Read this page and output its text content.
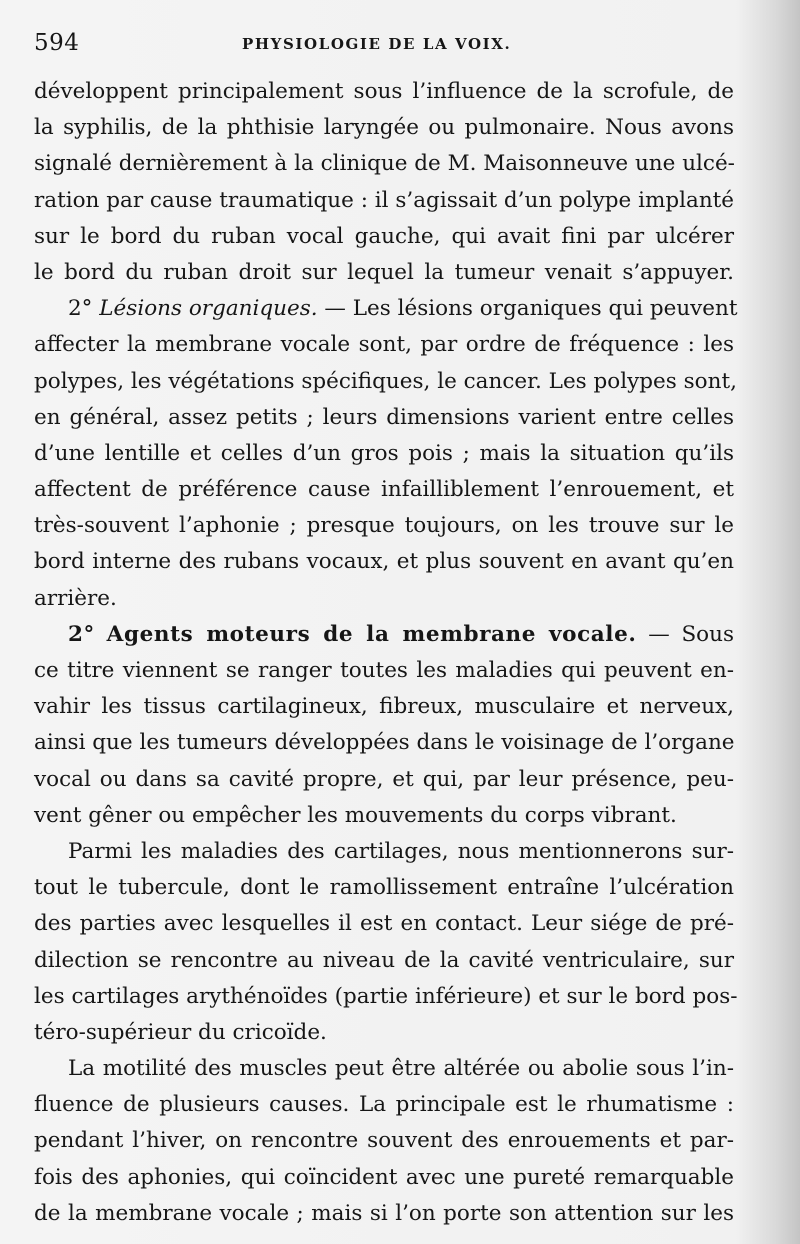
594	PHYSIOLOGIE DE LA VOIX.

développent principalement sous l’influence de la scrofule, de
la syphilis, de la phthisie laryngée ou pulmonaire. Nous avons
signalé dernièrement à la clinique de M. Maisonneuve une ulcé-
ration par cause traumatique : il s’agissait d’un polype implanté
sur le bord du ruban vocal gauche, qui avait fini par ulcérer
le bord du ruban droit sur lequel la tumeur venait s’appuyer.

2° Lésions organiques. — Les lésions organiques qui peuvent
affecter la membrane vocale sont, par ordre de fréquence : les
polypes, les végétations spécifiques, le cancer. Les polypes sont,
en général, assez petits ; leurs dimensions varient entre celles
d’une lentille et celles d’un gros pois ; mais la situation qu’ils
affectent de préférence cause infailliblement l’enrouement, et
très-souvent l’aphonie ; presque toujours, on les trouve sur le
bord interne des rubans vocaux, et plus souvent en avant qu’en
arrière.

2° Agents moteurs de la membrane vocale. — Sous
ce titre viennent se ranger toutes les maladies qui peuvent en-
vahir les tissus cartilagineux, fibreux, musculaire et nerveux,
ainsi que les tumeurs développées dans le voisinage de l’organe
vocal ou dans sa cavité propre, et qui, par leur présence, peu-
vent gêner ou empêcher les mouvements du corps vibrant.

Parmi les maladies des cartilages, nous mentionnerons sur-
tout le tubercule, dont le ramollissement entraîne l’ulcération
des parties avec lesquelles il est en contact. Leur siége de pré-
dilection se rencontre au niveau de la cavité ventriculaire, sur
les cartilages arythénoïdes (partie inférieure) et sur le bord pos-
téro-supérieur du cricoïde.

La motilité des muscles peut être altérée ou abolie sous l’in-
fluence de plusieurs causes. La principale est le rhumatisme :
pendant l’hiver, on rencontre souvent des enrouements et par-
fois des aphonies, qui coïncident avec une pureté remarquable
de la membrane vocale ; mais si l’on porte son attention sur les
